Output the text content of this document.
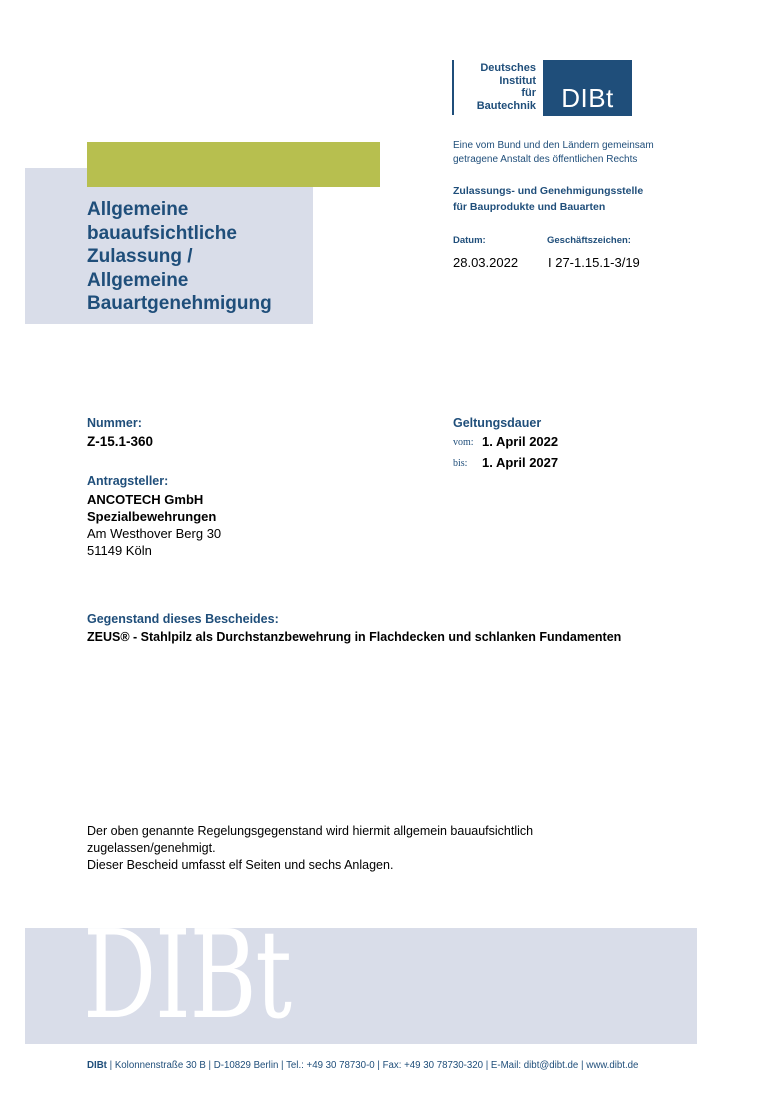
Deutsches
Institut
für
Bautechnik DIBt
Eine vom Bund und den Ländern gemeinsam
getragene Anstalt des öffentlichen Rechts
Zulassungs- und Genehmigungsstelle
für Bauprodukte und Bauarten
Datum:
28.03.2022
Geschäftszeichen:
I 27-1.15.1-3/19
Allgemeine
bauaufsichtliche
Zulassung /
Allgemeine
Bauartgenehmigung
Nummer:
Z-15.1-360
Geltungsdauer
vom: 1. April 2022
bis: 1. April 2027
Antragsteller:
ANCOTECH GmbH
Spezialbewehrungen
Am Westhover Berg 30
51149 Köln
Gegenstand dieses Bescheides:
ZEUS® - Stahlpilz als Durchstanzbewehrung in Flachdecken und schlanken Fundamenten
Der oben genannte Regelungsgegenstand wird hiermit allgemein bauaufsichtlich
zugelassen/genehmigt.
Dieser Bescheid umfasst elf Seiten und sechs Anlagen.
DIBt
DIBt | Kolonnenstraße 30 B | D-10829 Berlin | Tel.: +49 30 78730-0 | Fax: +49 30 78730-320 | E-Mail: dibt@dibt.de | www.dibt.de
